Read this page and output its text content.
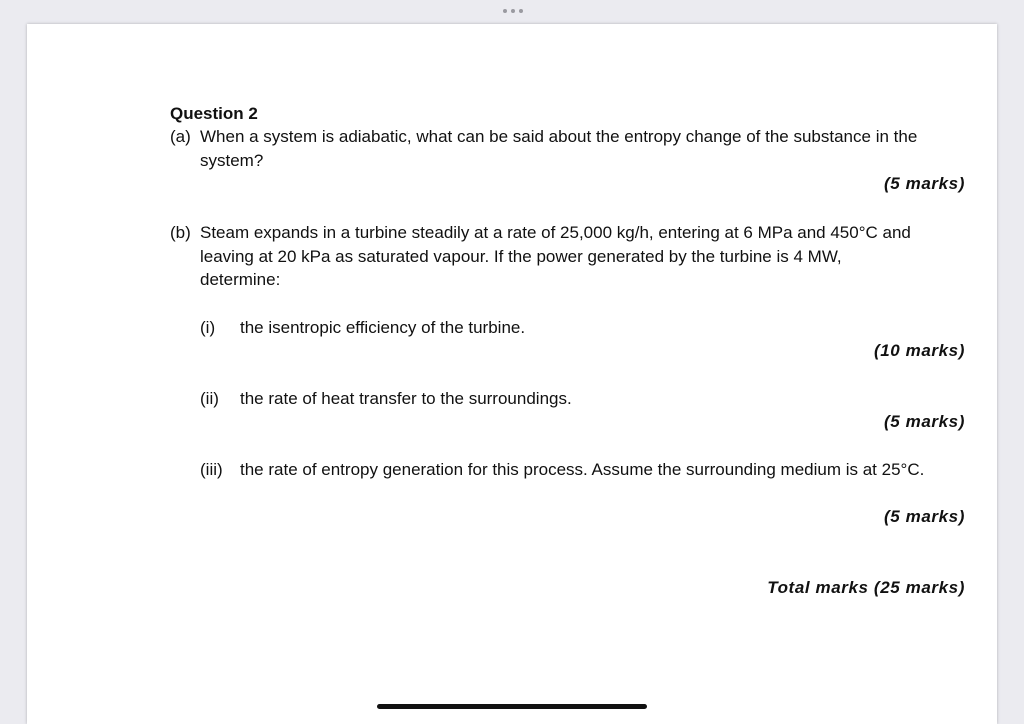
Question 2
(a) When a system is adiabatic, what can be said about the entropy change of the substance in the
system?
(5 marks)
(b) Steam expands in a turbine steadily at a rate of 25,000 kg/h, entering at 6 MPa and 450°C and
leaving at 20 kPa as saturated vapour. If the power generated by the turbine is 4 MW,
determine:
(i) the isentropic efficiency of the turbine.
(10 marks)
(ii) the rate of heat transfer to the surroundings.
(5 marks)
(iii) the rate of entropy generation for this process. Assume the surrounding medium is at 25°C.
(5 marks)
Total marks (25 marks)
